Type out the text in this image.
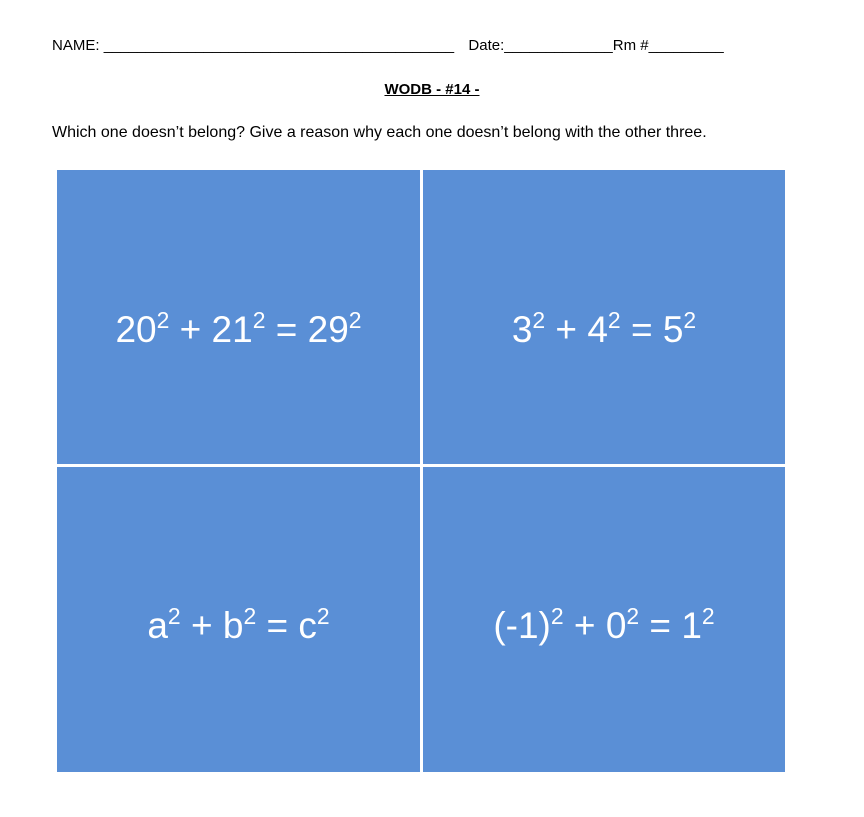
NAME: __________________________________________ Date:_____________Rm #_________
WODB - #14 -
Which one doesn’t belong? Give a reason why each one doesn’t belong with the other three.
$20^2 + 21^2 = 29^2$	$3^2 + 4^2 = 5^2$
$a^2 + b^2 = c^2$	$(-1)^2 + 0^2 = 1^2$
